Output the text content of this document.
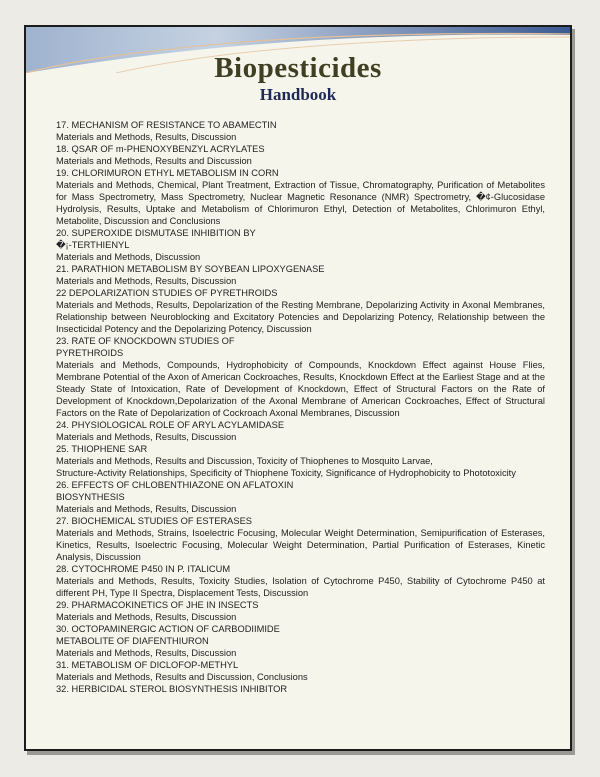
Biopesticides
Handbook
17. MECHANISM OF RESISTANCE TO ABAMECTIN
Materials and Methods, Results, Discussion
18. QSAR OF m-PHENOXYBENZYL ACRYLATES
Materials and Methods, Results and Discussion
19. CHLORIMURON ETHYL METABOLISM IN CORN
Materials and Methods, Chemical, Plant Treatment, Extraction of Tissue, Chromatography, Purification of Metabolites for Mass Spectrometry, Mass Spectrometry, Nuclear Magnetic Resonance (NMR) Spectrometry, �¢-Glucosidase Hydrolysis, Results, Uptake and Metabolism of Chlorimuron Ethyl, Detection of Metabolites, Chlorimuron Ethyl, Metabolite, Discussion and Conclusions
20. SUPEROXIDE DISMUTASE INHIBITION BY
�¡-TERTHIENYL
Materials and Methods, Discussion
21. PARATHION METABOLISM BY SOYBEAN LIPOXYGENASE
Materials and Methods, Results, Discussion
22 DEPOLARIZATION STUDIES OF PYRETHROIDS
Materials and Methods, Results, Depolarization of the Resting Membrane, Depolarizing Activity in Axonal Membranes, Relationship between Neuroblocking and Excitatory Potencies and Depolarizing Potency, Relationship between the Insecticidal Potency and the Depolarizing Potency, Discussion
23. RATE OF KNOCKDOWN STUDIES OF
PYRETHROIDS
Materials and Methods, Compounds, Hydrophobicity of Compounds, Knockdown Effect against House Flies, Membrane Potential of the Axon of American Cockroaches, Results, Knockdown Effect at the Earliest Stage and at the Steady State of Intoxication, Rate of Development of Knockdown, Effect of Structural Factors on the Rate of Development of Knockdown,Depolarization of the Axonal Membrane of American Cockroaches, Effect of Structural Factors on the Rate of Depolarization of Cockroach Axonal Membranes, Discussion
24. PHYSIOLOGICAL ROLE OF ARYL ACYLAMIDASE
Materials and Methods, Results, Discussion
25. THIOPHENE SAR
Materials and Methods, Results and Discussion, Toxicity of Thiophenes to Mosquito Larvae,
Structure-Activity Relationships, Specificity of Thiophene Toxicity, Significance of Hydrophobicity to Phototoxicity
26. EFFECTS OF CHLOBENTHIAZONE ON AFLATOXIN
BIOSYNTHESIS
Materials and Methods, Results, Discussion
27. BIOCHEMICAL STUDIES OF ESTERASES
Materials and Methods, Strains, Isoelectric Focusing, Molecular Weight Determination, Semipurification of Esterases, Kinetics, Results, Isoelectric Focusing, Molecular Weight Determination, Partial Purification of Esterases, Kinetic Analysis, Discussion
28. CYTOCHROME P450 IN P. ITALICUM
Materials and Methods, Results, Toxicity Studies, Isolation of Cytochrome P450, Stability of Cytochrome P450 at different PH, Type II Spectra, Displacement Tests, Discussion
29. PHARMACOKINETICS OF JHE IN INSECTS
Materials and Methods, Results, Discussion
30. OCTOPAMINERGIC ACTION OF CARBODIIMIDE
METABOLITE OF DIAFENTHIURON
Materials and Methods, Results, Discussion
31. METABOLISM OF DICLOFOP-METHYL
Materials and Methods, Results and Discussion, Conclusions
32. HERBICIDAL STEROL BIOSYNTHESIS INHIBITOR
